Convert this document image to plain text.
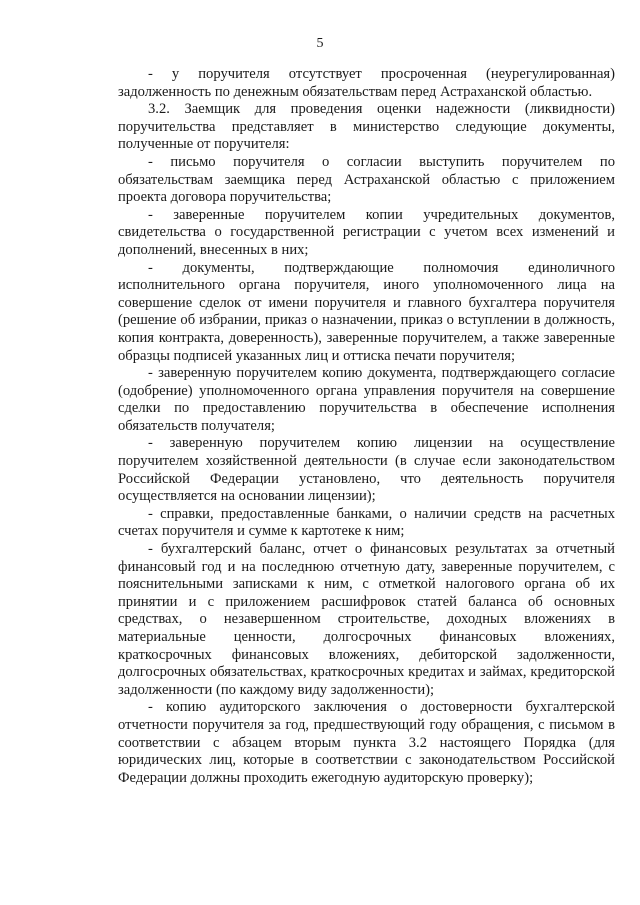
5

- у поручителя отсутствует просроченная (неурегулированная) задолженность по денежным обязательствам перед Астраханской областью.

3.2. Заемщик для проведения оценки надежности (ликвидности) поручительства представляет в министерство следующие документы, полученные от поручителя:

- письмо поручителя о согласии выступить поручителем по обязательствам заемщика перед Астраханской областью с приложением проекта договора поручительства;

- заверенные поручителем копии учредительных документов, свидетельства о государственной регистрации с учетом всех изменений и дополнений, внесенных в них;

- документы, подтверждающие полномочия единоличного исполнительного органа поручителя, иного уполномоченного лица на совершение сделок от имени поручителя и главного бухгалтера поручителя (решение об избрании, приказ о назначении, приказ о вступлении в должность, копия контракта, доверенность), заверенные поручителем, а также заверенные образцы подписей указанных лиц и оттиска печати поручителя;

- заверенную поручителем копию документа, подтверждающего согласие (одобрение) уполномоченного органа управления поручителя на совершение сделки по предоставлению поручительства в обеспечение исполнения обязательств получателя;

- заверенную поручителем копию лицензии на осуществление поручителем хозяйственной деятельности (в случае если законодательством Российской Федерации установлено, что деятельность поручителя осуществляется на основании лицензии);

- справки, предоставленные банками, о наличии средств на расчетных счетах поручителя и сумме к картотеке к ним;

- бухгалтерский баланс, отчет о финансовых результатах за отчетный финансовый год и на последнюю отчетную дату, заверенные поручителем, с пояснительными записками к ним, с отметкой налогового органа об их принятии и с приложением расшифровок статей баланса об основных средствах, о незавершенном строительстве, доходных вложениях в материальные ценности, долгосрочных финансовых вложениях, краткосрочных финансовых вложениях, дебиторской задолженности, долгосрочных обязательствах, краткосрочных кредитах и займах, кредиторской задолженности (по каждому виду задолженности);

- копию аудиторского заключения о достоверности бухгалтерской отчетности поручителя за год, предшествующий году обращения, с письмом в соответствии с абзацем вторым пункта 3.2 настоящего Порядка (для юридических лиц, которые в соответствии с законодательством Российской Федерации должны проходить ежегодную аудиторскую проверку);
